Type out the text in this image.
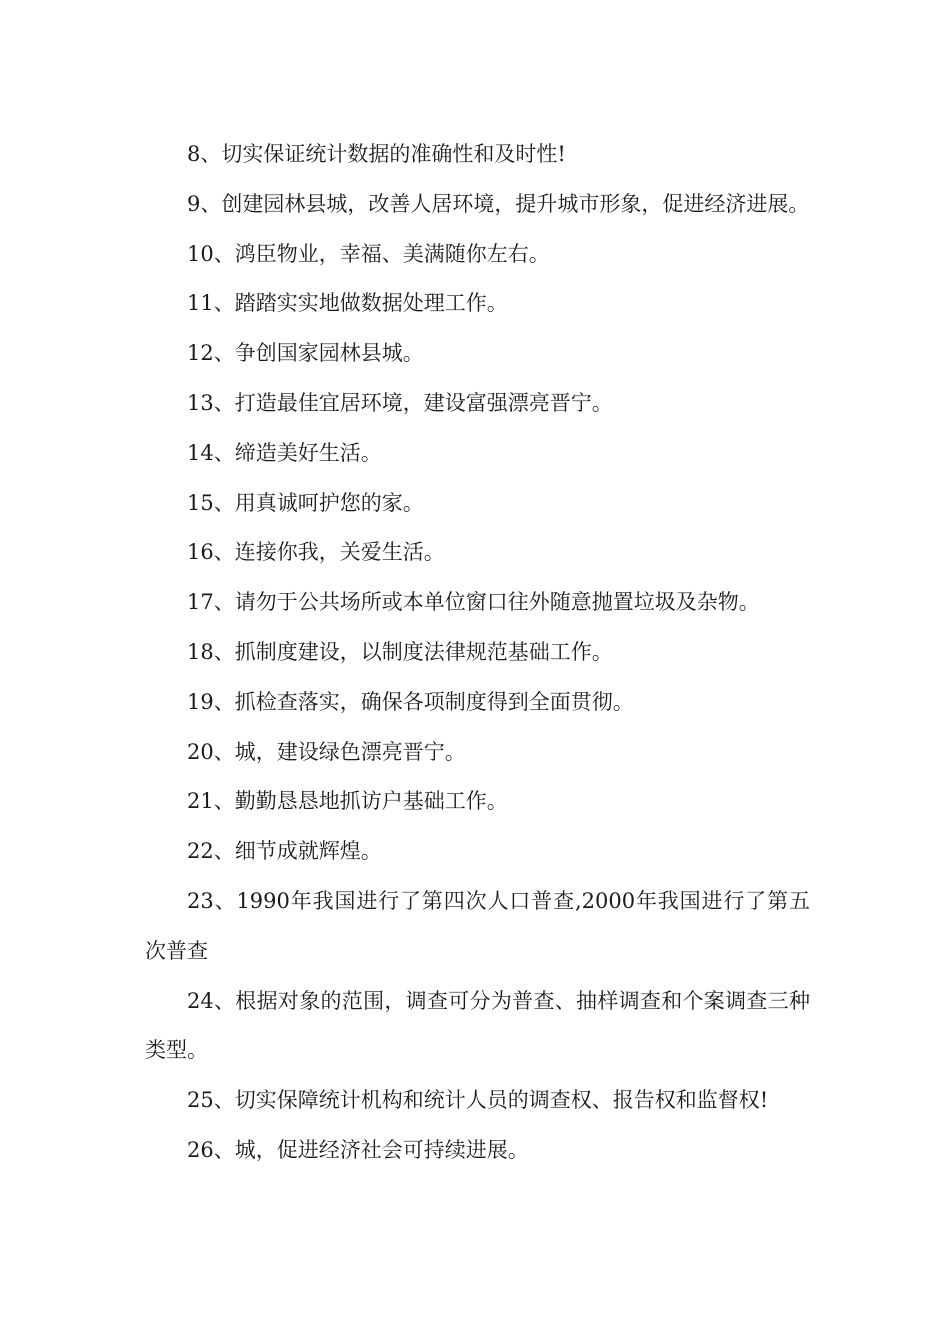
8、切实保证统计数据的准确性和及时性!

9、创建园林县城，改善人居环境，提升城市形象，促进经济进展。

10、鸿臣物业，幸福、美满随你左右。

11、踏踏实实地做数据处理工作。

12、争创国家园林县城。

13、打造最佳宜居环境，建设富强漂亮晋宁。

14、缔造美好生活。

15、用真诚呵护您的家。

16、连接你我，关爱生活。

17、请勿于公共场所或本单位窗口往外随意抛置垃圾及杂物。

18、抓制度建设，以制度法律规范基础工作。

19、抓检查落实，确保各项制度得到全面贯彻。

20、城，建设绿色漂亮晋宁。

21、勤勤恳恳地抓访户基础工作。

22、细节成就辉煌。

23、1990年我国进行了第四次人口普查,2000年我国进行了第五次普查

24、根据对象的范围，调查可分为普查、抽样调查和个案调查三种类型。

25、切实保障统计机构和统计人员的调查权、报告权和监督权!

26、城，促进经济社会可持续进展。
